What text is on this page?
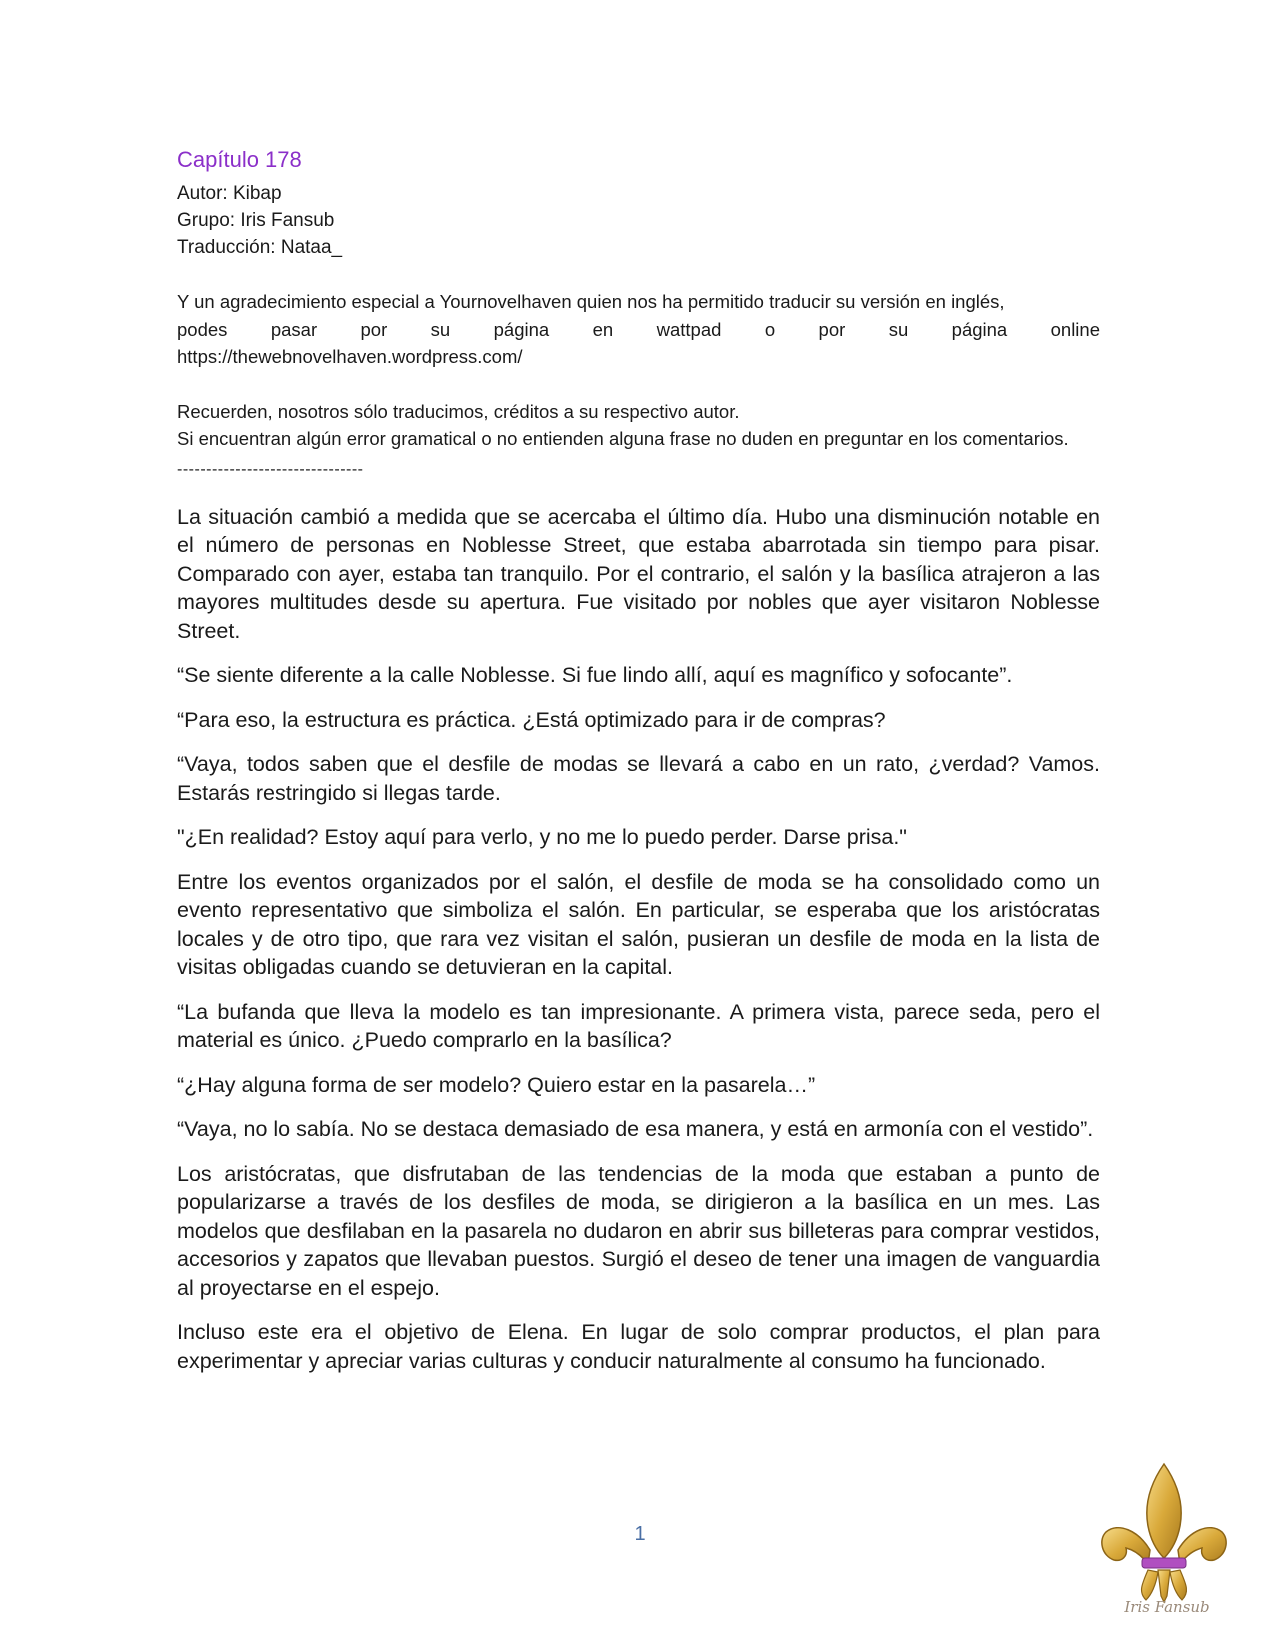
Capítulo 178

Autor: Kibap

Grupo: Iris Fansub

Traducción: Nataa_

Y un agradecimiento especial a Yournovelhaven quien nos ha permitido traducir su versión en inglés,

podes pasar por su página en wattpad o por su página online

https://thewebnovelhaven.wordpress.com/

Recuerden, nosotros sólo traducimos, créditos a su respectivo autor.

Si encuentran algún error gramatical o no entienden alguna frase no duden en preguntar en los comentarios.

--------------------------------

La situación cambió a medida que se acercaba el último día. Hubo una disminución notable en el número de personas en Noblesse Street, que estaba abarrotada sin tiempo para pisar. Comparado con ayer, estaba tan tranquilo. Por el contrario, el salón y la basílica atrajeron a las mayores multitudes desde su apertura. Fue visitado por nobles que ayer visitaron Noblesse Street.

“Se siente diferente a la calle Noblesse. Si fue lindo allí, aquí es magnífico y sofocante”.

“Para eso, la estructura es práctica. ¿Está optimizado para ir de compras?

“Vaya, todos saben que el desfile de modas se llevará a cabo en un rato, ¿verdad? Vamos. Estarás restringido si llegas tarde.

"¿En realidad? Estoy aquí para verlo, y no me lo puedo perder. Darse prisa."

Entre los eventos organizados por el salón, el desfile de moda se ha consolidado como un evento representativo que simboliza el salón. En particular, se esperaba que los aristócratas locales y de otro tipo, que rara vez visitan el salón, pusieran un desfile de moda en la lista de visitas obligadas cuando se detuvieran en la capital.

“La bufanda que lleva la modelo es tan impresionante. A primera vista, parece seda, pero el material es único. ¿Puedo comprarlo en la basílica?

“¿Hay alguna forma de ser modelo? Quiero estar en la pasarela…”

“Vaya, no lo sabía. No se destaca demasiado de esa manera, y está en armonía con el vestido”.

Los aristócratas, que disfrutaban de las tendencias de la moda que estaban a punto de popularizarse a través de los desfiles de moda, se dirigieron a la basílica en un mes. Las modelos que desfilaban en la pasarela no dudaron en abrir sus billeteras para comprar vestidos, accesorios y zapatos que llevaban puestos. Surgió el deseo de tener una imagen de vanguardia al proyectarse en el espejo.

Incluso este era el objetivo de Elena. En lugar de solo comprar productos, el plan para experimentar y apreciar varias culturas y conducir naturalmente al consumo ha funcionado.

1
Iris Fansub
